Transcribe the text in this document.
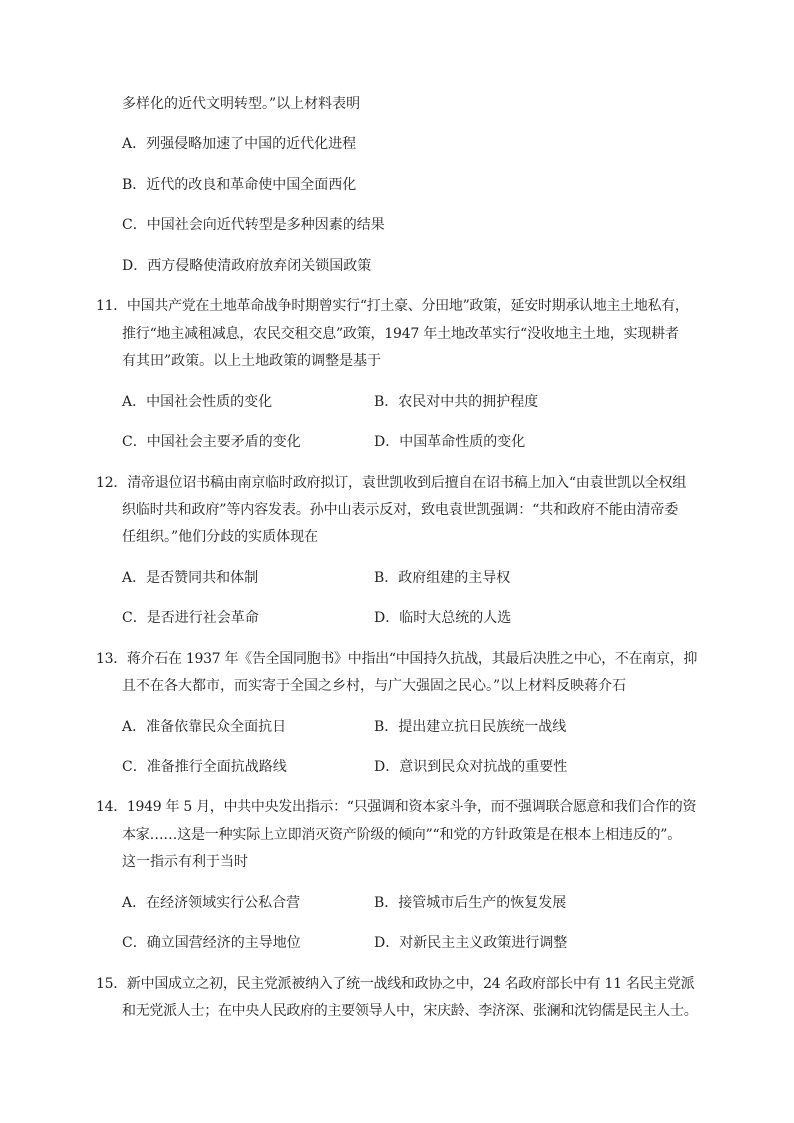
多样化的近代文明转型。”以上材料表明
A．列强侵略加速了中国的近代化进程
B．近代的改良和革命使中国全面西化
C．中国社会向近代转型是多种因素的结果
D．西方侵略使清政府放弃闭关锁国政策
11．中国共产党在土地革命战争时期曾实行“打土豪、分田地”政策，延安时期承认地主土地私有，
推行“地主减租减息，农民交租交息”政策，1947 年土地改革实行“没收地主土地，实现耕者
有其田”政策。以上土地政策的调整是基于
A．中国社会性质的变化	B．农民对中共的拥护程度
C．中国社会主要矛盾的变化	D．中国革命性质的变化
12．清帝退位诏书稿由南京临时政府拟订，袁世凯收到后擅自在诏书稿上加入“由袁世凯以全权组
织临时共和政府”等内容发表。孙中山表示反对，致电袁世凯强调：“共和政府不能由清帝委
任组织。”他们分歧的实质体现在
A．是否赞同共和体制	B．政府组建的主导权
C．是否进行社会革命	D．临时大总统的人选
13．蒋介石在 1937 年《告全国同胞书》中指出“中国持久抗战，其最后决胜之中心，不在南京，抑
且不在各大都市，而实寄于全国之乡村，与广大强固之民心。”以上材料反映蒋介石
A．准备依靠民众全面抗日	B．提出建立抗日民族统一战线
C．准备推行全面抗战路线	D．意识到民众对抗战的重要性
14．1949 年 5 月，中共中央发出指示：“只强调和资本家斗争，而不强调联合愿意和我们合作的资
本家……这是一种实际上立即消灭资产阶级的倾向”“和党的方针政策是在根本上相违反的”。
这一指示有利于当时
A．在经济领域实行公私合营	B．接管城市后生产的恢复发展
C．确立国营经济的主导地位	D．对新民主主义政策进行调整
15．新中国成立之初，民主党派被纳入了统一战线和政协之中，24 名政府部长中有 11 名民主党派
和无党派人士；在中央人民政府的主要领导人中，宋庆龄、李济深、张澜和沈钧儒是民主人士。
